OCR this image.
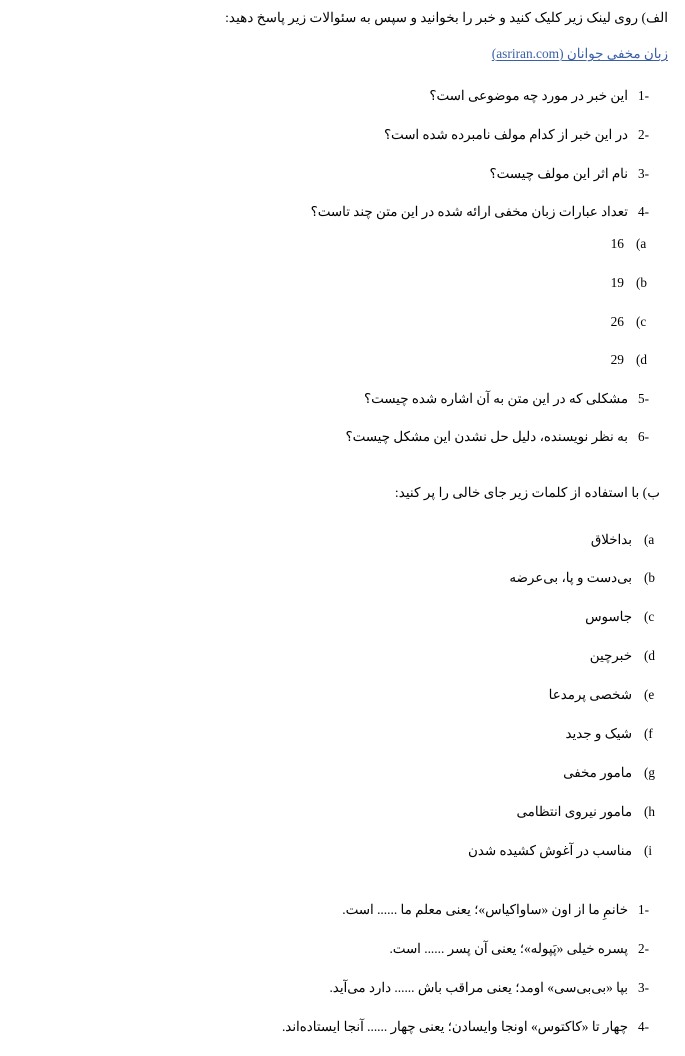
الف) روی لینک زیر کلیک کنید و خبر را بخوانید و سپس به سئوالات زیر پاسخ دهید:
زبان مخفی جوانان (asriran.com)
1-
این خبر در مورد چه موضوعی است؟
2-
در این خبر از کدام مولف نامبرده شده است؟
3-
نام اثر این مولف چیست؟
4-
تعداد عبارات زبان مخفی ارائه شده در این متن چند تاست؟
(a
16
(b
19
(c
26
(d
29
5-
مشکلی که در این متن به آن اشاره شده چیست؟
6-
به نظر نویسنده، دلیل حل نشدن این مشکل چیست؟
ب) با استفاده از کلمات زیر جای خالی را پر کنید:
(a
بداخلاق
(b
بی‌دست و پا، بی‌عرضه
(c
جاسوس
(d
خبرچین
(e
شخصی پرمدعا
(f
شیک و جدید
(g
مامور مخفی
(h
مامور نیروی انتظامی
(i
مناسب در آغوش کشیده شدن
1-
خانمِ ما از اون «ساواکیاس»؛ یعنی معلم ما ...... است.
2-
پسره خیلی «پَپوله»؛ یعنی آن پسر ...... است.
3-
بپا «بی‌بی‌سی» اومد؛ یعنی مراقب باش ...... دارد می‌آید.
4-
چهار تا «کاکتوس» اونجا وایسادن؛ یعنی چهار ...... آنجا ایستاده‌اند.
